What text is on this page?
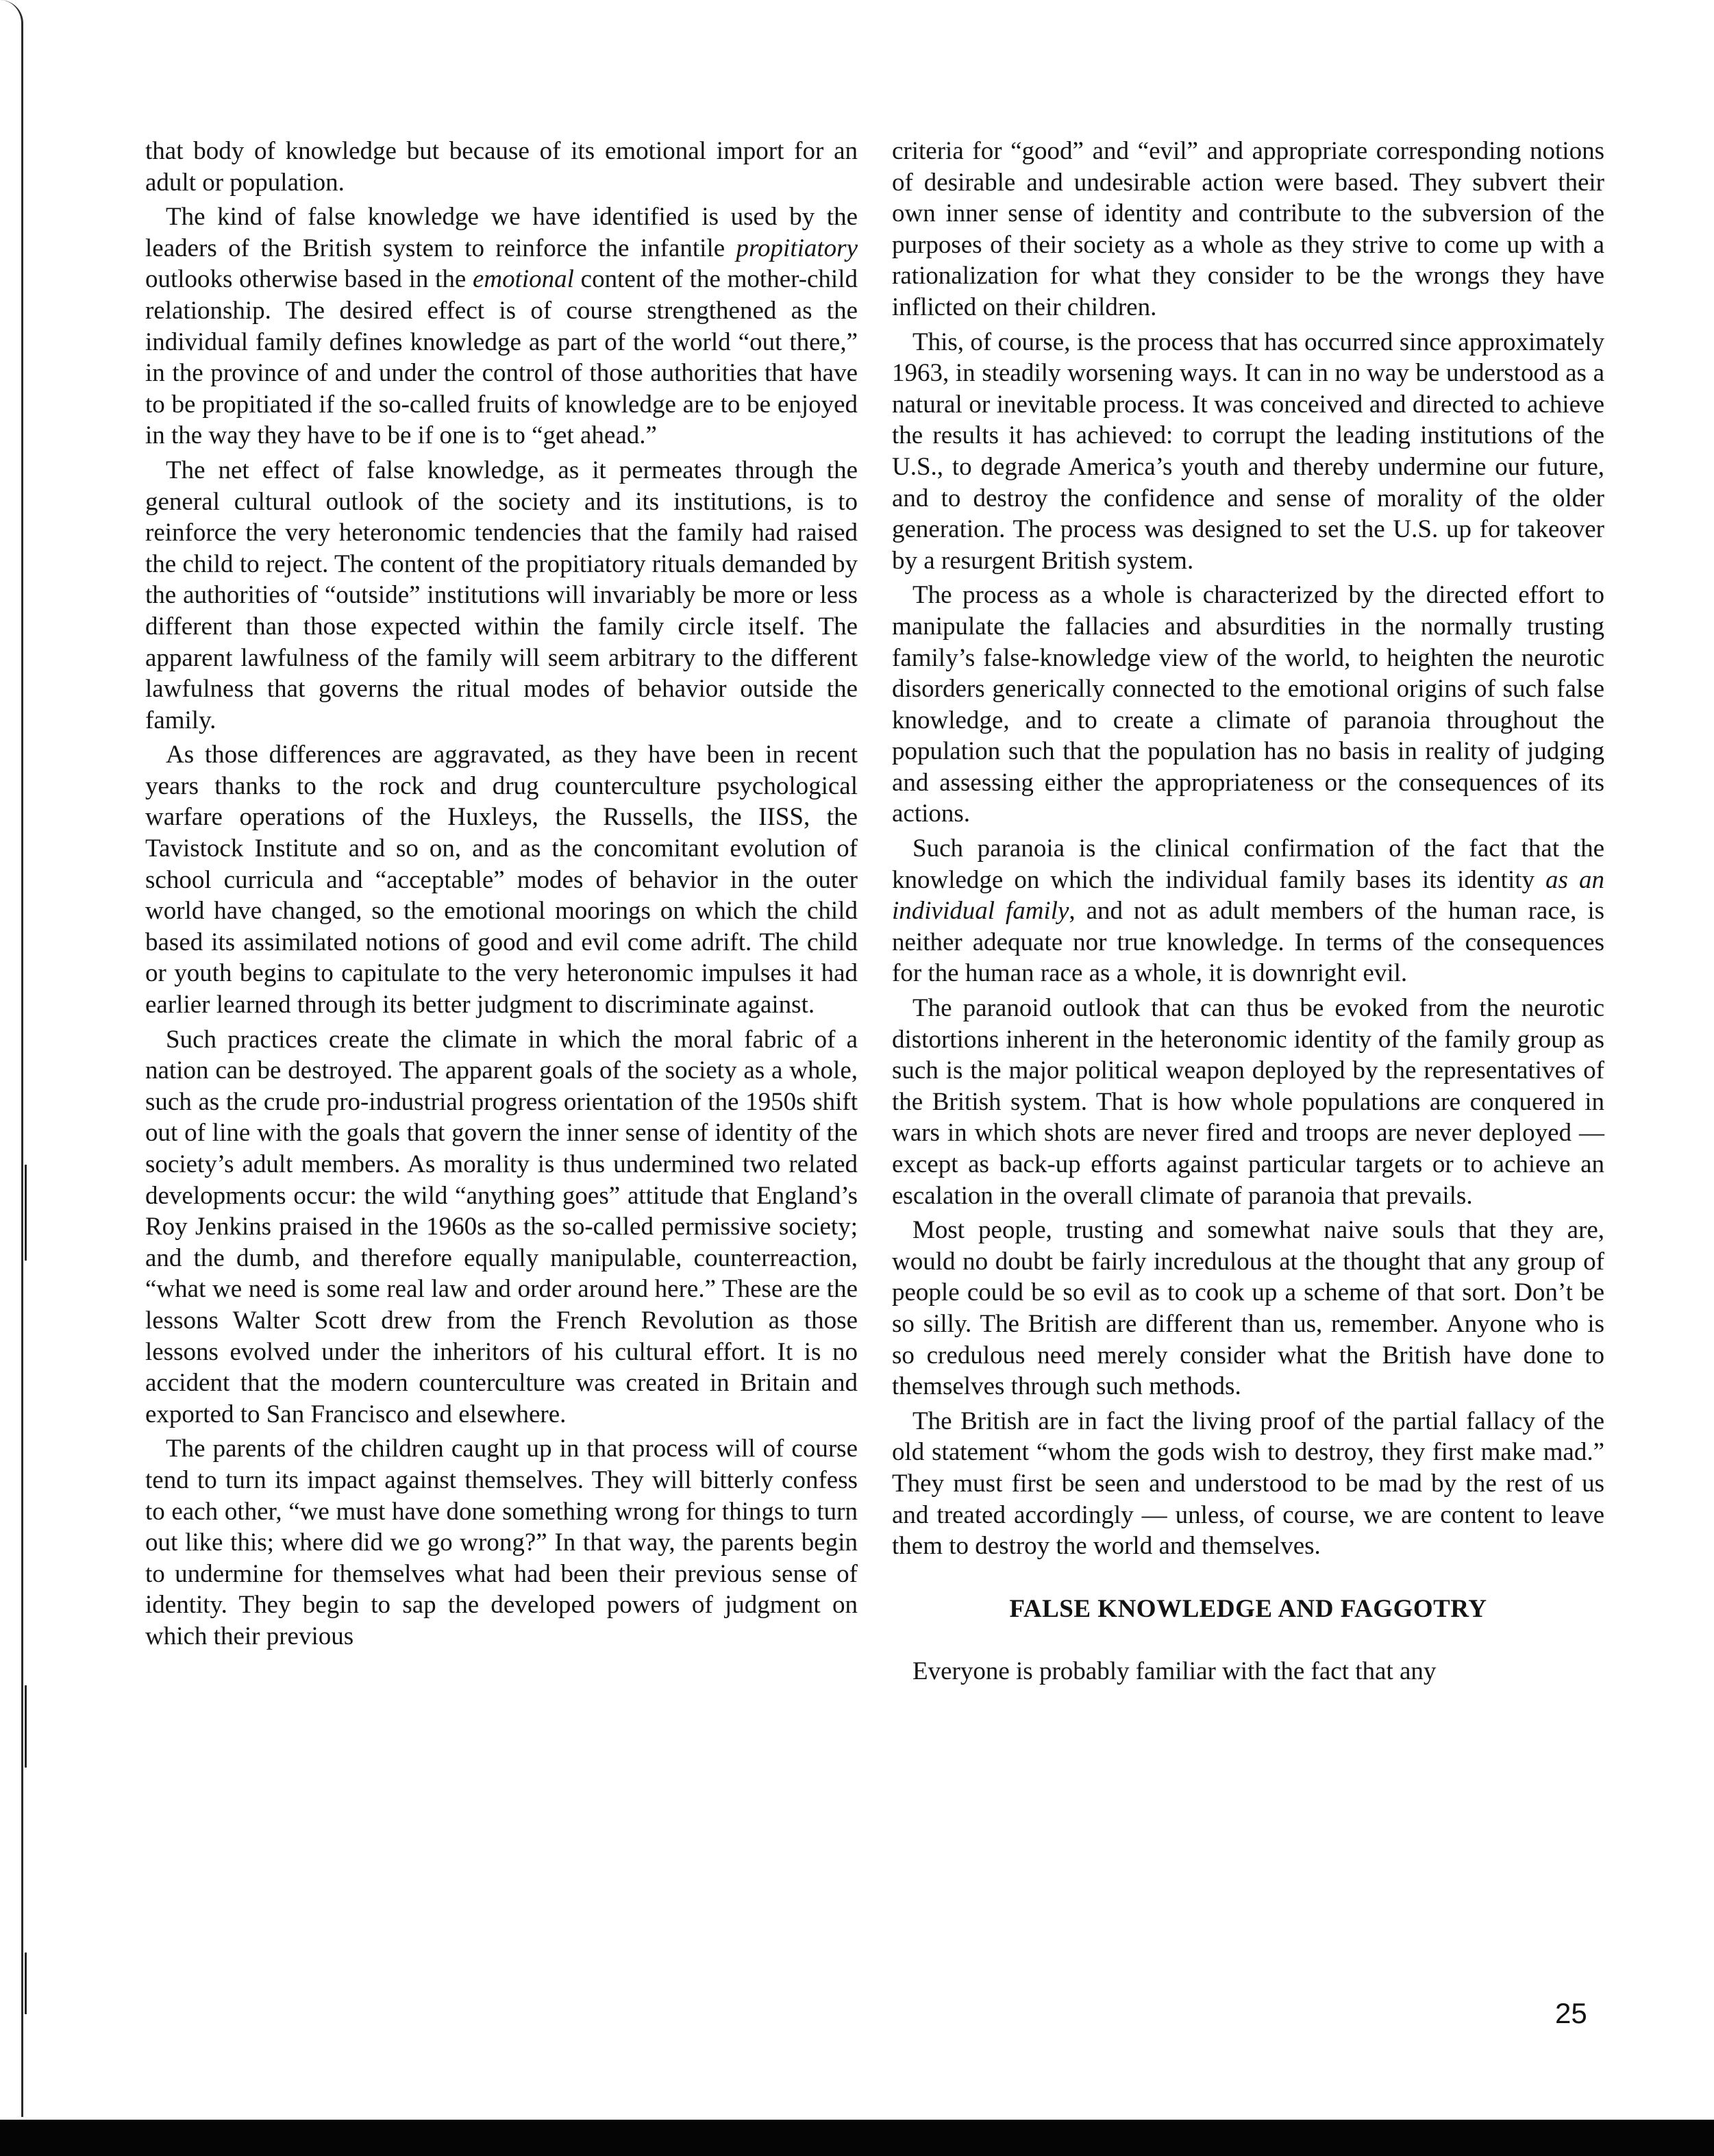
that body of knowledge but because of its emotional import for an adult or population.

The kind of false knowledge we have identified is used by the leaders of the British system to reinforce the infantile propitiatory outlooks otherwise based in the emotional content of the mother-child relationship. The desired effect is of course strengthened as the individual family defines knowledge as part of the world “out there,” in the province of and under the control of those authorities that have to be propitiated if the so-called fruits of knowledge are to be enjoyed in the way they have to be if one is to “get ahead.”

The net effect of false knowledge, as it permeates through the general cultural outlook of the society and its institutions, is to reinforce the very heteronomic tendencies that the family had raised the child to reject. The content of the propitiatory rituals demanded by the authorities of “outside” institutions will invariably be more or less different than those expected within the family circle itself. The apparent lawfulness of the family will seem arbitrary to the different lawfulness that governs the ritual modes of behavior outside the family.

As those differences are aggravated, as they have been in recent years thanks to the rock and drug counterculture psychological warfare operations of the Huxleys, the Russells, the IISS, the Tavistock Institute and so on, and as the concomitant evolution of school curricula and “acceptable” modes of behavior in the outer world have changed, so the emotional moorings on which the child based its assimilated notions of good and evil come adrift. The child or youth begins to capitulate to the very heteronomic impulses it had earlier learned through its better judgment to discriminate against.

Such practices create the climate in which the moral fabric of a nation can be destroyed. The apparent goals of the society as a whole, such as the crude pro-industrial progress orientation of the 1950s shift out of line with the goals that govern the inner sense of identity of the society’s adult members. As morality is thus undermined two related developments occur: the wild “anything goes” attitude that England’s Roy Jenkins praised in the 1960s as the so-called permissive society; and the dumb, and therefore equally manipulable, counterreaction, “what we need is some real law and order around here.” These are the lessons Walter Scott drew from the French Revolution as those lessons evolved under the inheritors of his cultural effort. It is no accident that the modern counterculture was created in Britain and exported to San Francisco and elsewhere.

The parents of the children caught up in that process will of course tend to turn its impact against themselves. They will bitterly confess to each other, “we must have done something wrong for things to turn out like this; where did we go wrong?” In that way, the parents begin to undermine for themselves what had been their previous sense of identity. They begin to sap the developed powers of judgment on which their previous

criteria for “good” and “evil” and appropriate corresponding notions of desirable and undesirable action were based. They subvert their own inner sense of identity and contribute to the subversion of the purposes of their society as a whole as they strive to come up with a rationalization for what they consider to be the wrongs they have inflicted on their children.

This, of course, is the process that has occurred since approximately 1963, in steadily worsening ways. It can in no way be understood as a natural or inevitable process. It was conceived and directed to achieve the results it has achieved: to corrupt the leading institutions of the U.S., to degrade America’s youth and thereby undermine our future, and to destroy the confidence and sense of morality of the older generation. The process was designed to set the U.S. up for takeover by a resurgent British system.

The process as a whole is characterized by the directed effort to manipulate the fallacies and absurdities in the normally trusting family’s false-knowledge view of the world, to heighten the neurotic disorders generically connected to the emotional origins of such false knowledge, and to create a climate of paranoia throughout the population such that the population has no basis in reality of judging and assessing either the appropriateness or the consequences of its actions.

Such paranoia is the clinical confirmation of the fact that the knowledge on which the individual family bases its identity as an individual family, and not as adult members of the human race, is neither adequate nor true knowledge. In terms of the consequences for the human race as a whole, it is downright evil.

The paranoid outlook that can thus be evoked from the neurotic distortions inherent in the heteronomic identity of the family group as such is the major political weapon deployed by the representatives of the British system. That is how whole populations are conquered in wars in which shots are never fired and troops are never deployed — except as back-up efforts against particular targets or to achieve an escalation in the overall climate of paranoia that prevails.

Most people, trusting and somewhat naive souls that they are, would no doubt be fairly incredulous at the thought that any group of people could be so evil as to cook up a scheme of that sort. Don’t be so silly. The British are different than us, remember. Anyone who is so credulous need merely consider what the British have done to themselves through such methods.

The British are in fact the living proof of the partial fallacy of the old statement “whom the gods wish to destroy, they first make mad.” They must first be seen and understood to be mad by the rest of us and treated accordingly — unless, of course, we are content to leave them to destroy the world and themselves.

FALSE KNOWLEDGE AND FAGGOTRY

Everyone is probably familiar with the fact that any

25
